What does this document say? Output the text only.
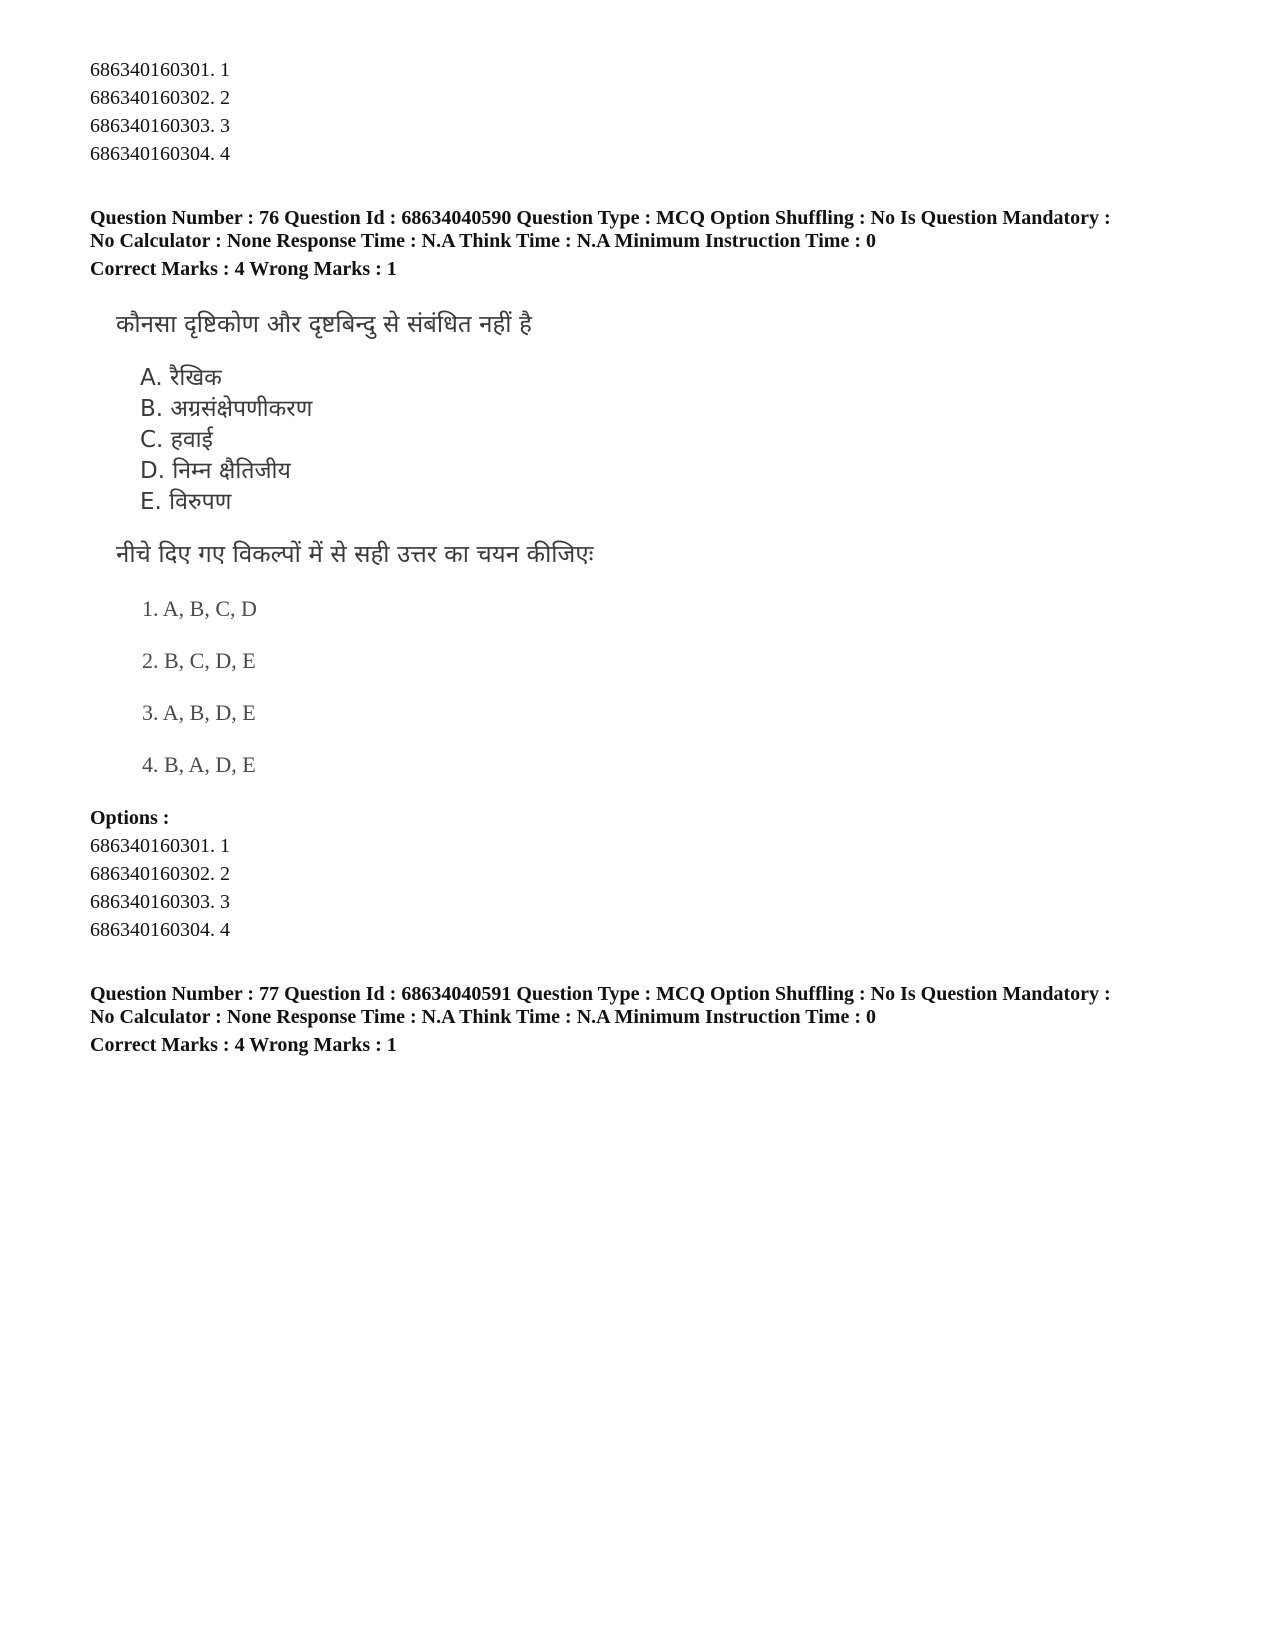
686340160301. 1
686340160302. 2
686340160303. 3
686340160304. 4
Question Number : 76 Question Id : 68634040590 Question Type : MCQ Option Shuffling : No Is Question Mandatory :
No Calculator : None Response Time : N.A Think Time : N.A Minimum Instruction Time : 0
Correct Marks : 4 Wrong Marks : 1
कौनसा दृष्टिकोण और दृष्टबिन्दु से संबंधित नहीं है
A. रैखिक
B. अग्रसंक्षेपणीकरण
C. हवाई
D. निम्न क्षैतिजीय
E. विरुपण
नीचे दिए गए विकल्पों में से सही उत्तर का चयन कीजिएः
1. A, B, C, D
2. B, C, D, E
3. A, B, D, E
4. B, A, D, E
Options :
686340160301. 1
686340160302. 2
686340160303. 3
686340160304. 4
Question Number : 77 Question Id : 68634040591 Question Type : MCQ Option Shuffling : No Is Question Mandatory :
No Calculator : None Response Time : N.A Think Time : N.A Minimum Instruction Time : 0
Correct Marks : 4 Wrong Marks : 1
